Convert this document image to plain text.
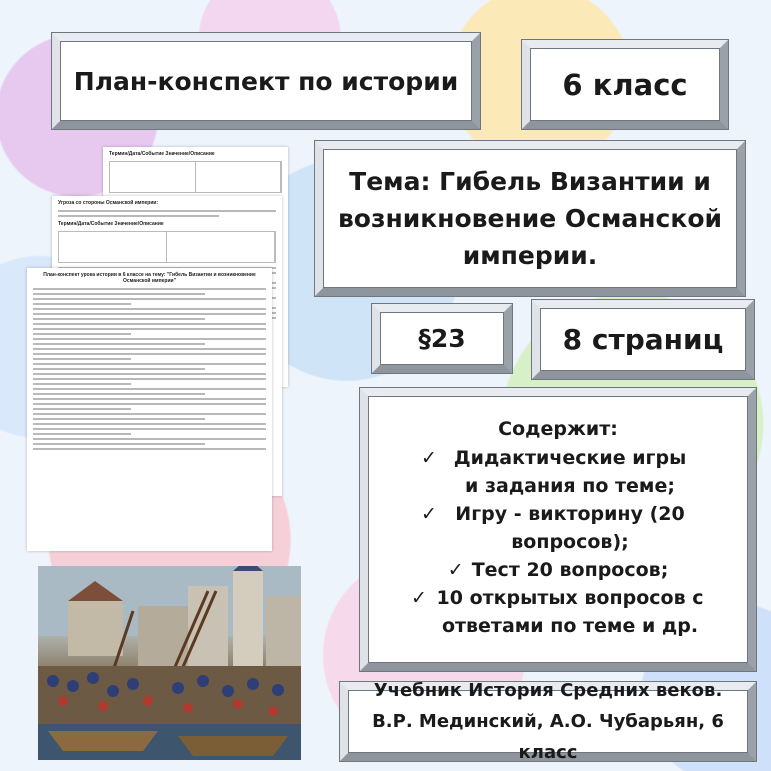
Термин/Дата/Событие Значение/Описание
Угроза со стороны Османской империи:
Термин/Дата/Событие Значение/Описание
План-конспект урока истории в 6 классе на тему: "Гибель Византии и возникновение Османской империи"
План-конспект по истории	6 класс
Тема: Гибель Византии и возникновение Османской империи.
§23	8 страниц
Содержит:
✓ Дидактические игры и задания по теме;
✓ Игру - викторину (20 вопросов);
✓ Тест 20 вопросов;
✓ 10 открытых вопросов с ответами по теме и др.
Учебник История Средних веков. В.Р. Мединский, А.О. Чубарьян, 6 класс
